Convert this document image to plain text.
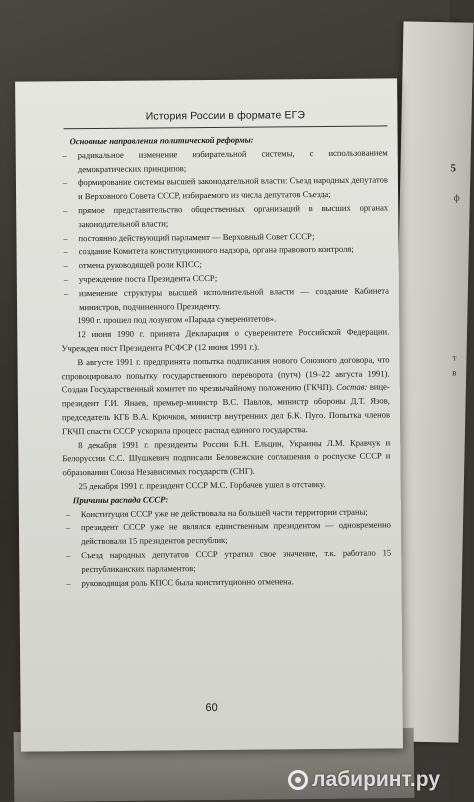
5
ф
т
в
История России в формате ЕГЭ

Основные направления политической реформы:

– радикальное изменение избирательной системы, с использованием демократических принципов;
– формирование системы высшей законодательной власти: Съезд народных депутатов и Верховного Совета СССР, избираемого из числа депутатов Съезда;
– прямое представительство общественных организаций в высших органах законодательной власти;
– постоянно действующий парламент — Верховный Совет СССР;
– создание Комитета конституционного надзора, органа правового контроля;
– отмена руководящей роли КПСС;
– учреждение поста Президента СССР;
– изменение структуры высшей исполнительной власти — создание Кабинета министров, подчиненного Президенту.

1990 г. прошел под лозунгом «Парада суверенитетов».

12 июня 1990 г. принята Декларация о суверенитете Российской Федерации. Учрежден пост Президента РСФСР (12 июня 1991 г.).

В августе 1991 г. предпринята попытка подписания нового Союзного договора, что спровоцировало попытку государственного переворота (путч) (19–22 августа 1991). Создан Государственный комитет по чрезвычайному положению (ГКЧП). Состав: вице-президент Г.И. Янаев, премьер-министр В.С. Павлов, министр обороны Д.Т. Язов, председатель КГБ В.А. Крючков, министр внутренних дел Б.К. Пуго. Попытка членов ГКЧП спасти СССР ускорила процесс распад единого государства.

8 декабря 1991 г. президенты России Б.Н. Ельцин, Украины Л.М. Кравчук и Белоруссии С.С. Шушкевич подписали Беловежские соглашения о роспуске СССР и образовании Союза Независимых государств (СНГ).

25 декабря 1991 г. президент СССР М.С. Горбачев ушел в отставку.

Причины распада СССР:

– Конституция СССР уже не действовала на большей части территории страны;
– президент СССР уже не являлся единственным президентом — одновременно действовали 15 президентов республик;
– Съезд народных депутатов СССР утратил свое значение, т.к. работало 15 республиканских парламентов;
– руководящая роль КПСС была конституционно отменена.
60
лабиринт.ру
